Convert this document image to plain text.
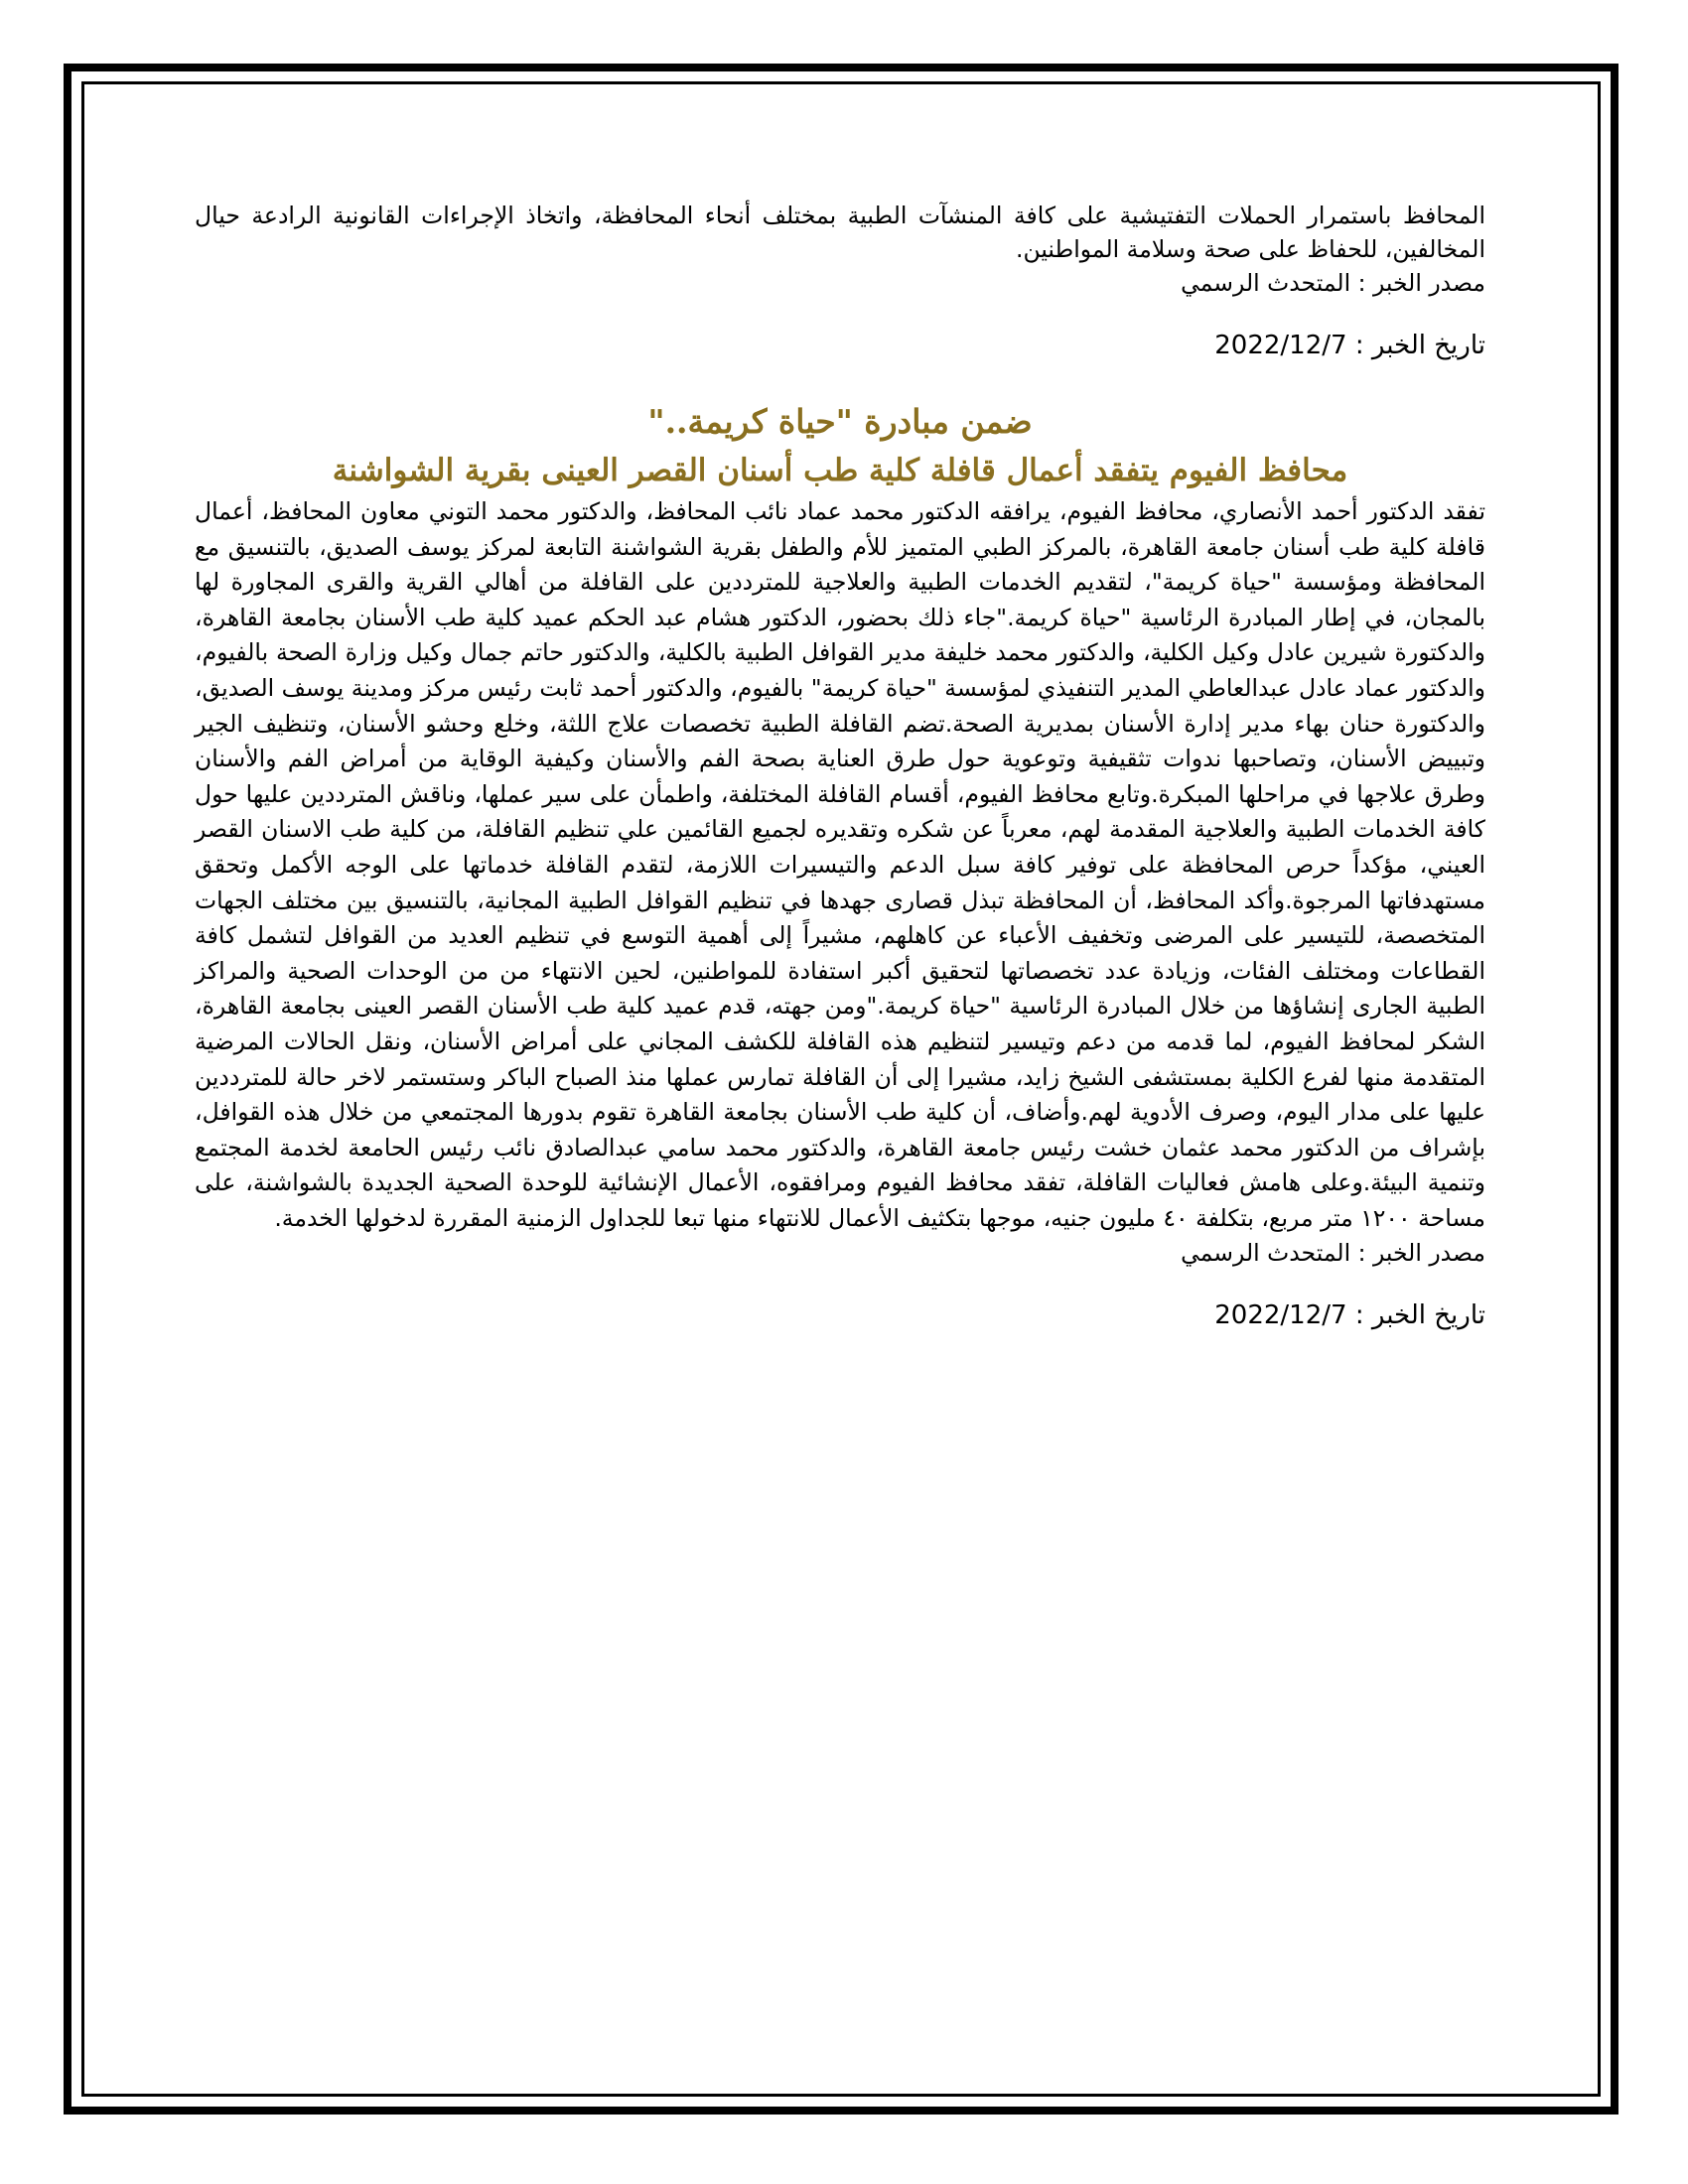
المحافظ باستمرار الحملات التفتيشية على كافة المنشآت الطبية بمختلف أنحاء المحافظة، واتخاذ الإجراءات القانونية الرادعة حيال المخالفين، للحفاظ على صحة وسلامة المواطنين.

مصدر الخبر : المتحدث الرسمي
تاريخ الخبر : 2022/12/7
ضمن مبادرة "حياة كريمة.."
محافظ الفيوم يتفقد أعمال قافلة كلية طب أسنان القصر العينى بقرية الشواشنة

تفقد الدكتور أحمد الأنصاري، محافظ الفيوم، يرافقه الدكتور محمد عماد نائب المحافظ، والدكتور محمد التوني معاون المحافظ، أعمال قافلة كلية طب أسنان جامعة القاهرة، بالمركز الطبي المتميز للأم والطفل بقرية الشواشنة التابعة لمركز يوسف الصديق، بالتنسيق مع المحافظة ومؤسسة "حياة كريمة"، لتقديم الخدمات الطبية والعلاجية للمترددين على القافلة من أهالي القرية والقرى المجاورة لها بالمجان، في إطار المبادرة الرئاسية "حياة كريمة."جاء ذلك بحضور، الدكتور هشام عبد الحكم عميد كلية طب الأسنان بجامعة القاهرة، والدكتورة شيرين عادل وكيل الكلية، والدكتور محمد خليفة مدير القوافل الطبية بالكلية، والدكتور حاتم جمال وكيل وزارة الصحة بالفيوم، والدكتور عماد عادل عبدالعاطي المدير التنفيذي لمؤسسة "حياة كريمة" بالفيوم، والدكتور أحمد ثابت رئيس مركز ومدينة يوسف الصديق، والدكتورة حنان بهاء مدير إدارة الأسنان بمديرية الصحة.تضم القافلة الطبية تخصصات علاج اللثة، وخلع وحشو الأسنان، وتنظيف الجير وتبييض الأسنان، وتصاحبها ندوات تثقيفية وتوعوية حول طرق العناية بصحة الفم والأسنان وكيفية الوقاية من أمراض الفم والأسنان وطرق علاجها في مراحلها المبكرة.وتابع محافظ الفيوم، أقسام القافلة المختلفة، واطمأن على سير عملها، وناقش المترددين عليها حول كافة الخدمات الطبية والعلاجية المقدمة لهم، معرباً عن شكره وتقديره لجميع القائمين علي تنظيم القافلة، من كلية طب الاسنان القصر العيني، مؤكداً حرص المحافظة على توفير كافة سبل الدعم والتيسيرات اللازمة، لتقدم القافلة خدماتها على الوجه الأكمل وتحقق مستهدفاتها المرجوة.وأكد المحافظ، أن المحافظة تبذل قصارى جهدها في تنظيم القوافل الطبية المجانية، بالتنسيق بين مختلف الجهات المتخصصة، للتيسير على المرضى وتخفيف الأعباء عن كاهلهم، مشيراً إلى أهمية التوسع في تنظيم العديد من القوافل لتشمل كافة القطاعات ومختلف الفئات، وزيادة عدد تخصصاتها لتحقيق أكبر استفادة للمواطنين، لحين الانتهاء من من الوحدات الصحية والمراكز الطبية الجارى إنشاؤها من خلال المبادرة الرئاسية "حياة كريمة."ومن جهته، قدم عميد كلية طب الأسنان القصر العينى بجامعة القاهرة، الشكر لمحافظ الفيوم، لما قدمه من دعم وتيسير لتنظيم هذه القافلة للكشف المجاني على أمراض الأسنان، ونقل الحالات المرضية المتقدمة منها لفرع الكلية بمستشفى الشيخ زايد، مشيرا إلى أن القافلة تمارس عملها منذ الصباح الباكر وستستمر لاخر حالة للمترددين عليها على مدار اليوم، وصرف الأدوية لهم.وأضاف، أن كلية طب الأسنان بجامعة القاهرة تقوم بدورها المجتمعي من خلال هذه القوافل، بإشراف من الدكتور محمد عثمان خشت رئيس جامعة القاهرة، والدكتور محمد سامي عبدالصادق نائب رئيس الحامعة لخدمة المجتمع وتنمية البيئة.وعلى هامش فعاليات القافلة، تفقد محافظ الفيوم ومرافقوه، الأعمال الإنشائية للوحدة الصحية الجديدة بالشواشنة، على مساحة ١٢٠٠ متر مربع، بتكلفة ٤٠ مليون جنيه، موجها بتكثيف الأعمال للانتهاء منها تبعا للجداول الزمنية المقررة لدخولها الخدمة.

مصدر الخبر : المتحدث الرسمي
تاريخ الخبر : 2022/12/7
